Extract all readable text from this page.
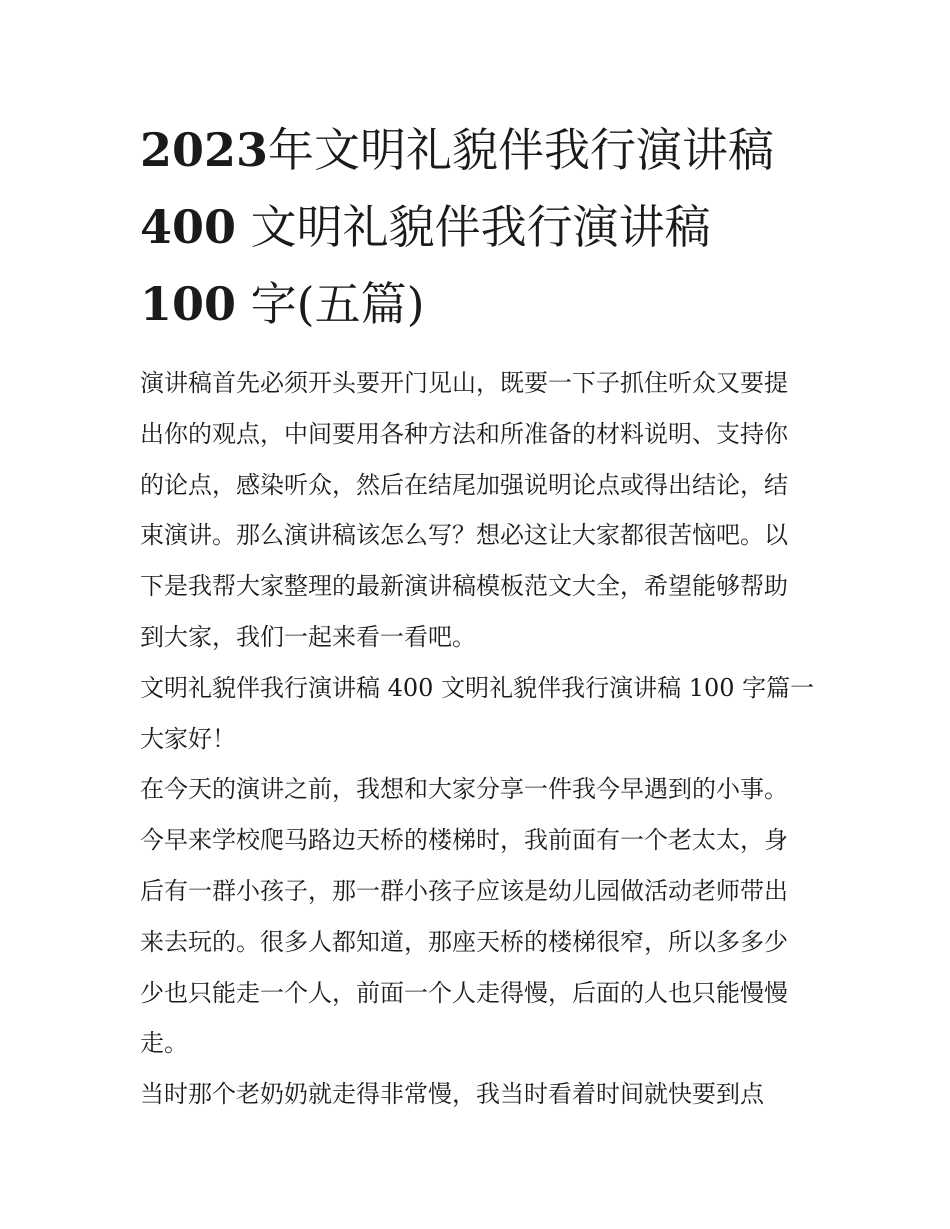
2023年文明礼貌伴我行演讲稿
400 文明礼貌伴我行演讲稿
100 字(五篇)

演讲稿首先必须开头要开门见山，既要一下子抓住听众又要提
出你的观点，中间要用各种方法和所准备的材料说明、支持你
的论点，感染听众，然后在结尾加强说明论点或得出结论，结
束演讲。那么演讲稿该怎么写？想必这让大家都很苦恼吧。以
下是我帮大家整理的最新演讲稿模板范文大全，希望能够帮助
到大家，我们一起来看一看吧。

文明礼貌伴我行演讲稿 400 文明礼貌伴我行演讲稿 100 字篇一

大家好！

在今天的演讲之前，我想和大家分享一件我今早遇到的小事。
今早来学校爬马路边天桥的楼梯时，我前面有一个老太太，身
后有一群小孩子，那一群小孩子应该是幼儿园做活动老师带出
来去玩的。很多人都知道，那座天桥的楼梯很窄，所以多多少
少也只能走一个人，前面一个人走得慢，后面的人也只能慢慢
走。

当时那个老奶奶就走得非常慢，我当时看着时间就快要到点
